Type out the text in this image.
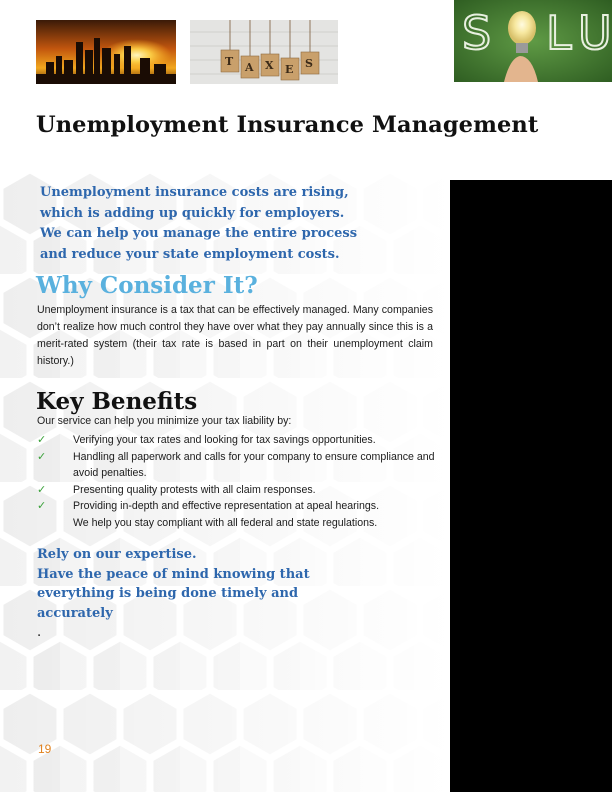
T A X E S
S L U
Unemployment Insurance Management

Unemployment insurance costs are rising,
which is adding up quickly for employers.
We can help you manage the entire process
and reduce your state employment costs.

Why Consider It?

Unemployment insurance is a tax that can be effectively managed. Many companies don’t realize how much control they have over what they pay annually since this is a merit-rated system (their tax rate is based in part on their unemployment claim history.)

Key Benefits

Our service can help you minimize your tax liability by:

✓	Verifying your tax rates and looking for tax savings opportunities.
✓	Handling all paperwork and calls for your company to ensure compliance and avoid penalties.
✓	Presenting quality protests with all claim responses.
✓	Providing in-depth and effective representation at apeal hearings.
We help you stay compliant with all federal and state regulations.

Rely on our expertise.
Have the peace of mind knowing that
everything is being done timely and
accurately
.

19
